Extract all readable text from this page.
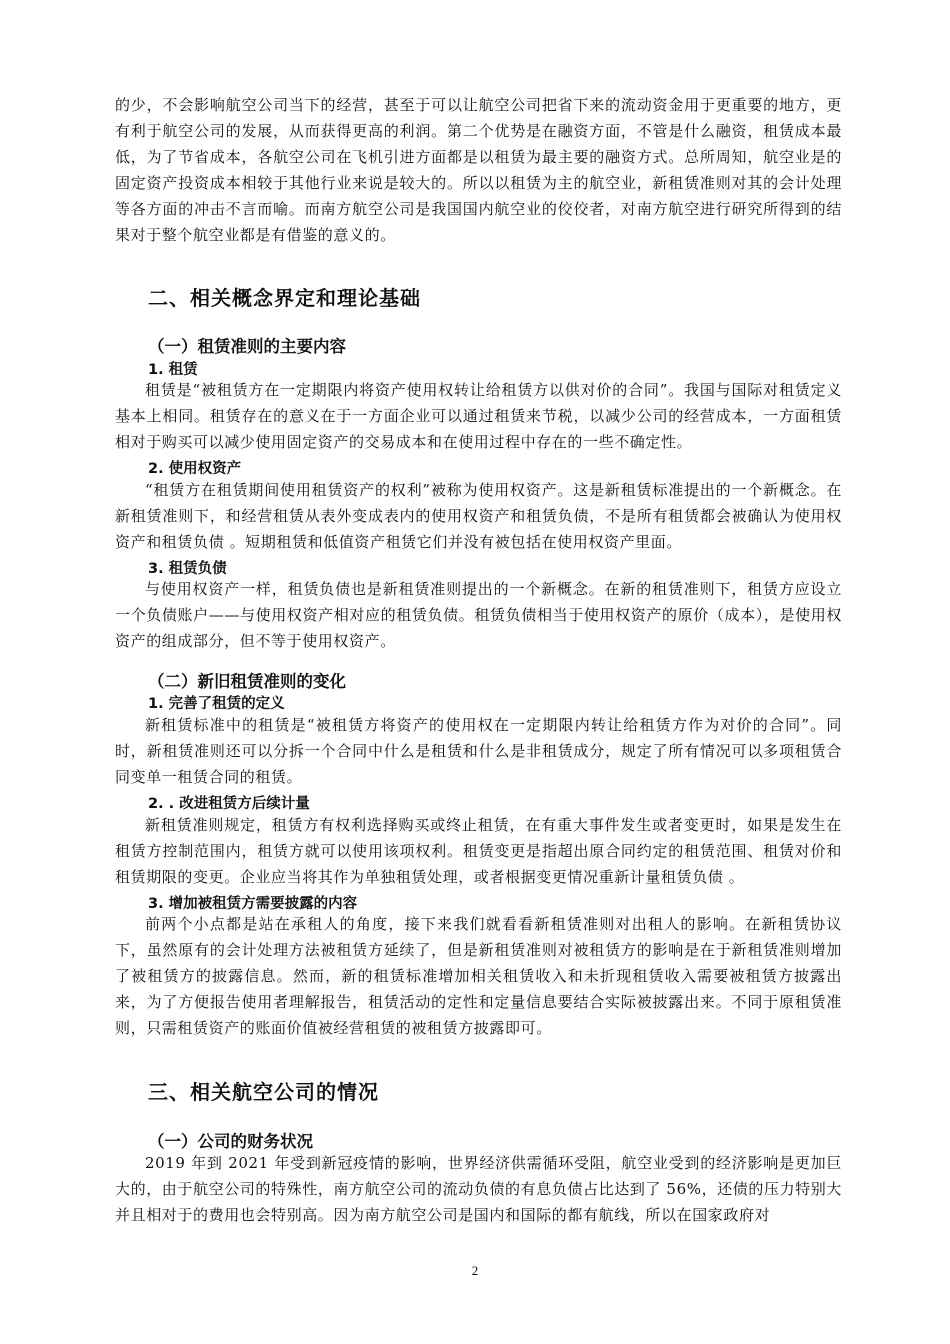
的少，不会影响航空公司当下的经营，甚至于可以让航空公司把省下来的流动资金用于更重要的地方，更有利于航空公司的发展，从而获得更高的利润。第二个优势是在融资方面，不管是什么融资，租赁成本最低，为了节省成本，各航空公司在飞机引进方面都是以租赁为最主要的融资方式。总所周知，航空业是的固定资产投资成本相较于其他行业来说是较大的。所以以租赁为主的航空业，新租赁准则对其的会计处理等各方面的冲击不言而喻。而南方航空公司是我国国内航空业的佼佼者，对南方航空进行研究所得到的结果对于整个航空业都是有借鉴的意义的。

二、相关概念界定和理论基础
（一）租赁准则的主要内容
1. 租赁

租赁是“被租赁方在一定期限内将资产使用权转让给租赁方以供对价的合同”。我国与国际对租赁定义基本上相同。租赁存在的意义在于一方面企业可以通过租赁来节税，以减少公司的经营成本，一方面租赁相对于购买可以减少使用固定资产的交易成本和在使用过程中存在的一些不确定性。

2. 使用权资产

“租赁方在租赁期间使用租赁资产的权利”被称为使用权资产。这是新租赁标准提出的一个新概念。在新租赁准则下，和经营租赁从表外变成表内的使用权资产和租赁负债，不是所有租赁都会被确认为使用权资产和租赁负债 。短期租赁和低值资产租赁它们并没有被包括在使用权资产里面。

3. 租赁负债

与使用权资产一样，租赁负债也是新租赁准则提出的一个新概念。在新的租赁准则下，租赁方应设立一个负债账户——与使用权资产相对应的租赁负债。租赁负债相当于使用权资产的原价（成本），是使用权资产的组成部分，但不等于使用权资产。

（二）新旧租赁准则的变化
1. 完善了租赁的定义

新租赁标准中的租赁是“被租赁方将资产的使用权在一定期限内转让给租赁方作为对价的合同”。同时，新租赁准则还可以分拆一个合同中什么是租赁和什么是非租赁成分，规定了所有情况可以多项租赁合同变单一租赁合同的租赁。

2. . 改进租赁方后续计量

新租赁准则规定，租赁方有权利选择购买或终止租赁，在有重大事件发生或者变更时，如果是发生在租赁方控制范围内，租赁方就可以使用该项权利。租赁变更是指超出原合同约定的租赁范围、租赁对价和租赁期限的变更。企业应当将其作为单独租赁处理，或者根据变更情况重新计量租赁负债 。

3. 增加被租赁方需要披露的内容

前两个小点都是站在承租人的角度，接下来我们就看看新租赁准则对出租人的影响。在新租赁协议下，虽然原有的会计处理方法被租赁方延续了，但是新租赁准则对被租赁方的影响是在于新租赁准则增加了被租赁方的披露信息。然而，新的租赁标准增加相关租赁收入和未折现租赁收入需要被租赁方披露出来，为了方便报告使用者理解报告，租赁活动的定性和定量信息要结合实际被披露出来。不同于原租赁准则，只需租赁资产的账面价值被经营租赁的被租赁方披露即可。

三、相关航空公司的情况
（一）公司的财务状况

2019 年到 2021 年受到新冠疫情的影响，世界经济供需循环受阻，航空业受到的经济影响是更加巨大的，由于航空公司的特殊性，南方航空公司的流动负债的有息负债占比达到了 56%，还债的压力特别大并且相对于的费用也会特别高。因为南方航空公司是国内和国际的都有航线，所以在国家政府对

2
